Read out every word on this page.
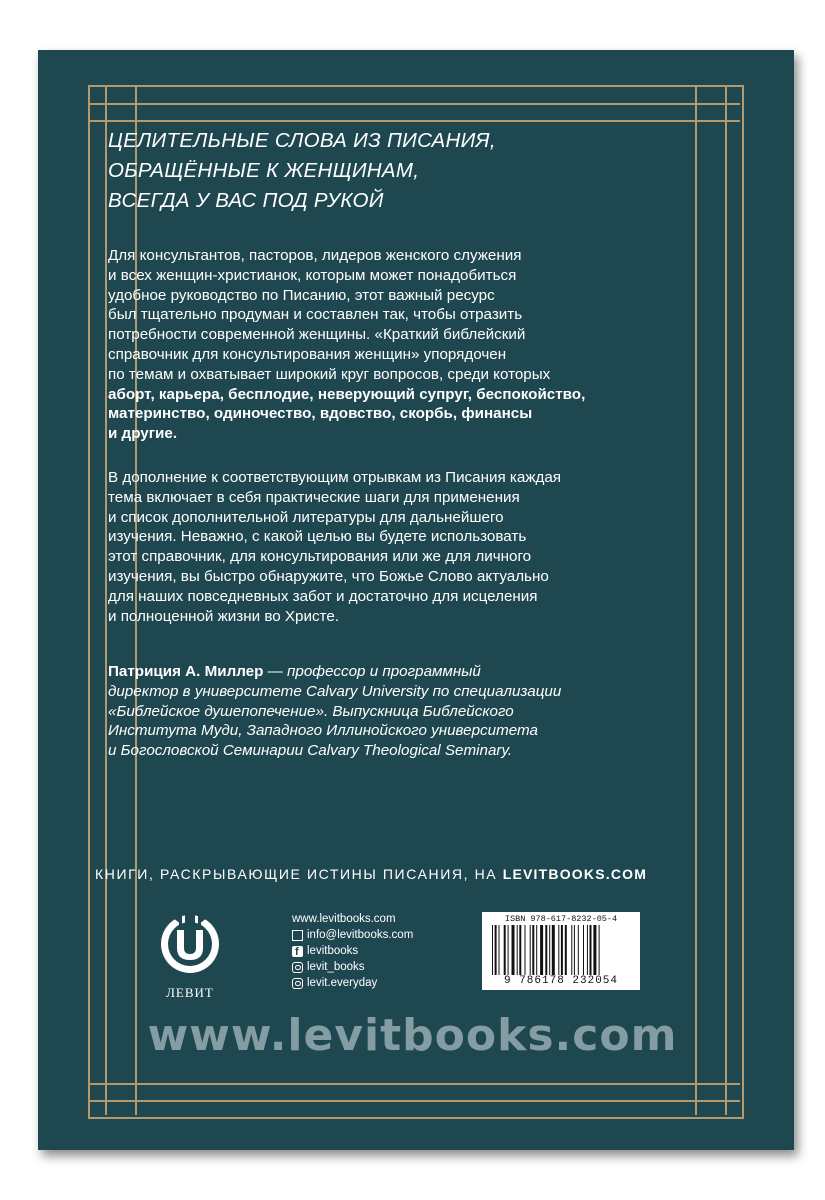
ЦЕЛИТЕЛЬНЫЕ СЛОВА ИЗ ПИСАНИЯ,
ОБРАЩЁННЫЕ К ЖЕНЩИНАМ,
ВСЕГДА У ВАС ПОД РУКОЙ
Для консультантов, пасторов, лидеров женского служения
и всех женщин-христианок, которым может понадобиться
удобное руководство по Писанию, этот важный ресурс
был тщательно продуман и составлен так, чтобы отразить
потребности современной женщины. «Краткий библейский
справочник для консультирования женщин» упорядочен
по темам и охватывает широкий круг вопросов, среди которых
аборт, карьера, бесплодие, неверующий супруг, беспокойство,
материнство, одиночество, вдовство, скорбь, финансы
и другие.
В дополнение к соответствующим отрывкам из Писания каждая
тема включает в себя практические шаги для применения
и список дополнительной литературы для дальнейшего
изучения. Неважно, с какой целью вы будете использовать
этот справочник, для консультирования или же для личного
изучения, вы быстро обнаружите, что Божье Слово актуально
для наших повседневных забот и достаточно для исцеления
и полноценной жизни во Христе.
Патриция А. Миллер — профессор и программный
директор в университете Calvary University по специализации
«Библейское душепопечение». Выпускница Библейского
Института Муди, Западного Иллинойского университета
и Богословской Семинарии Calvary Theological Seminary.
КНИГИ, РАСКРЫВАЮЩИЕ ИСТИНЫ ПИСАНИЯ, НА LEVITBOOKS.COM
ЛЕВИТ
www.levitbooks.com
info@levitbooks.com
f
levitbooks
levit_books
levit.everyday
ISBN 978-617-8232-05-4
9 786178 232054
www.levitbooks.com
